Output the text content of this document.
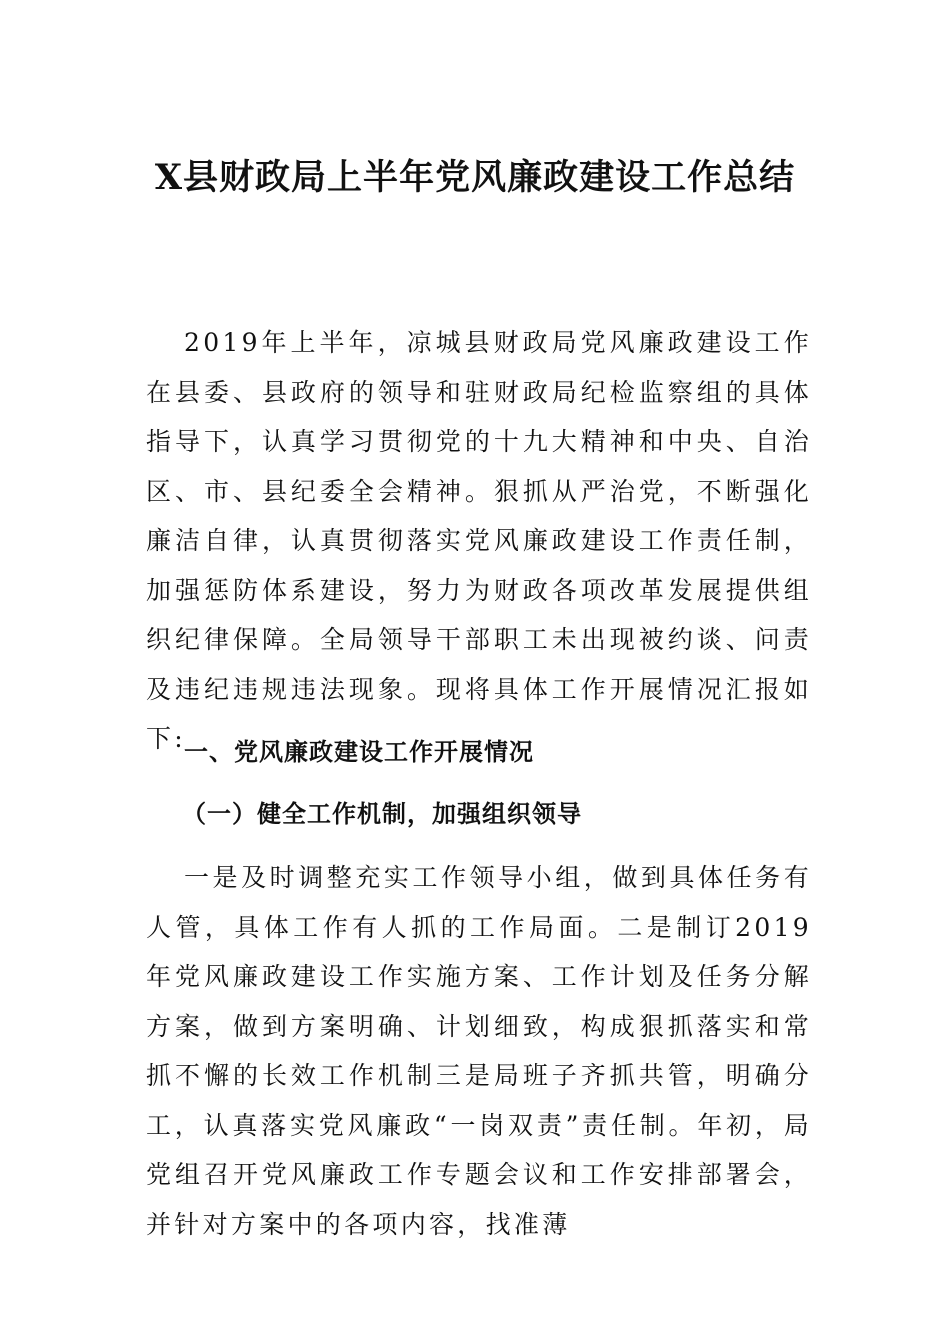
X县财政局上半年党风廉政建设工作总结

2019年上半年，凉城县财政局党风廉政建设工作在县委、县政府的领导和驻财政局纪检监察组的具体指导下，认真学习贯彻党的十九大精神和中央、自治区、市、县纪委全会精神。狠抓从严治党，不断强化廉洁自律，认真贯彻落实党风廉政建设工作责任制，加强惩防体系建设，努力为财政各项改革发展提供组织纪律保障。全局领导干部职工未出现被约谈、问责及违纪违规违法现象。现将具体工作开展情况汇报如下:

一、党风廉政建设工作开展情况
（一）健全工作机制，加强组织领导

一是及时调整充实工作领导小组，做到具体任务有人管，具体工作有人抓的工作局面。二是制订2019年党风廉政建设工作实施方案、工作计划及任务分解方案，做到方案明确、计划细致，构成狠抓落实和常抓不懈的长效工作机制三是局班子齐抓共管，明确分工，认真落实党风廉政“一岗双责”责任制。年初，局党组召开党风廉政工作专题会议和工作安排部署会，并针对方案中的各项内容，找准薄
